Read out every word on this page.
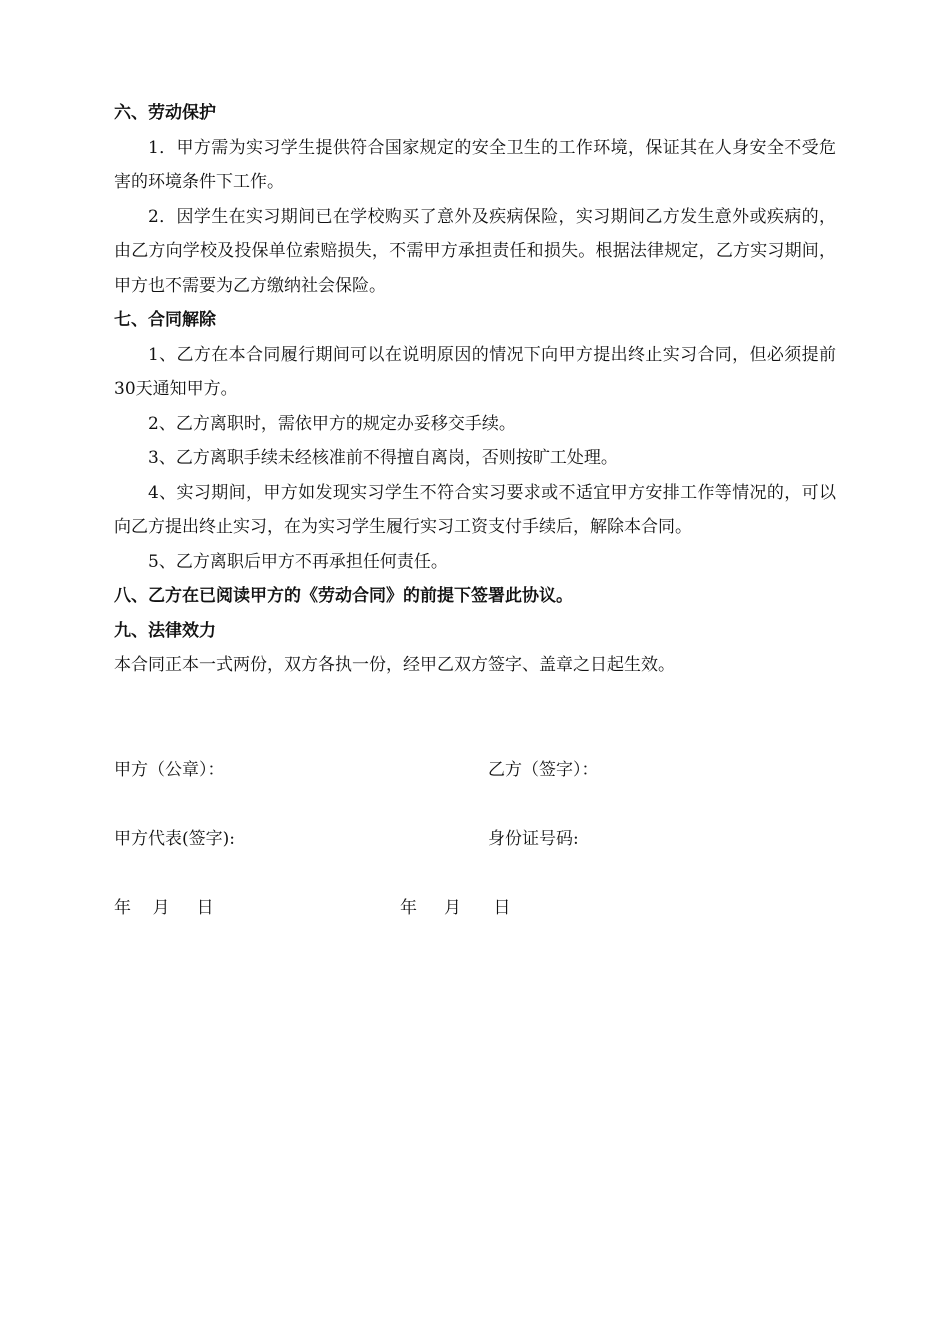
六、劳动保护

1．甲方需为实习学生提供符合国家规定的安全卫生的工作环境，保证其在人身安全不受危害的环境条件下工作。

2．因学生在实习期间已在学校购买了意外及疾病保险，实习期间乙方发生意外或疾病的，由乙方向学校及投保单位索赔损失，不需甲方承担责任和损失。根据法律规定，乙方实习期间，甲方也不需要为乙方缴纳社会保险。

七、合同解除

1、乙方在本合同履行期间可以在说明原因的情况下向甲方提出终止实习合同，但必须提前30天通知甲方。

2、乙方离职时，需依甲方的规定办妥移交手续。

3、乙方离职手续未经核准前不得擅自离岗，否则按旷工处理。

4、实习期间，甲方如发现实习学生不符合实习要求或不适宜甲方安排工作等情况的，可以向乙方提出终止实习，在为实习学生履行实习工资支付手续后，解除本合同。

5、乙方离职后甲方不再承担任何责任。

八、乙方在已阅读甲方的《劳动合同》的前提下签署此协议。

九、法律效力

本合同正本一式两份，双方各执一份，经甲乙双方签字、盖章之日起生效。

甲方（公章）：	乙方（签字）：
甲方代表(签字):	身份证号码:
年    月     日	年     月      日
